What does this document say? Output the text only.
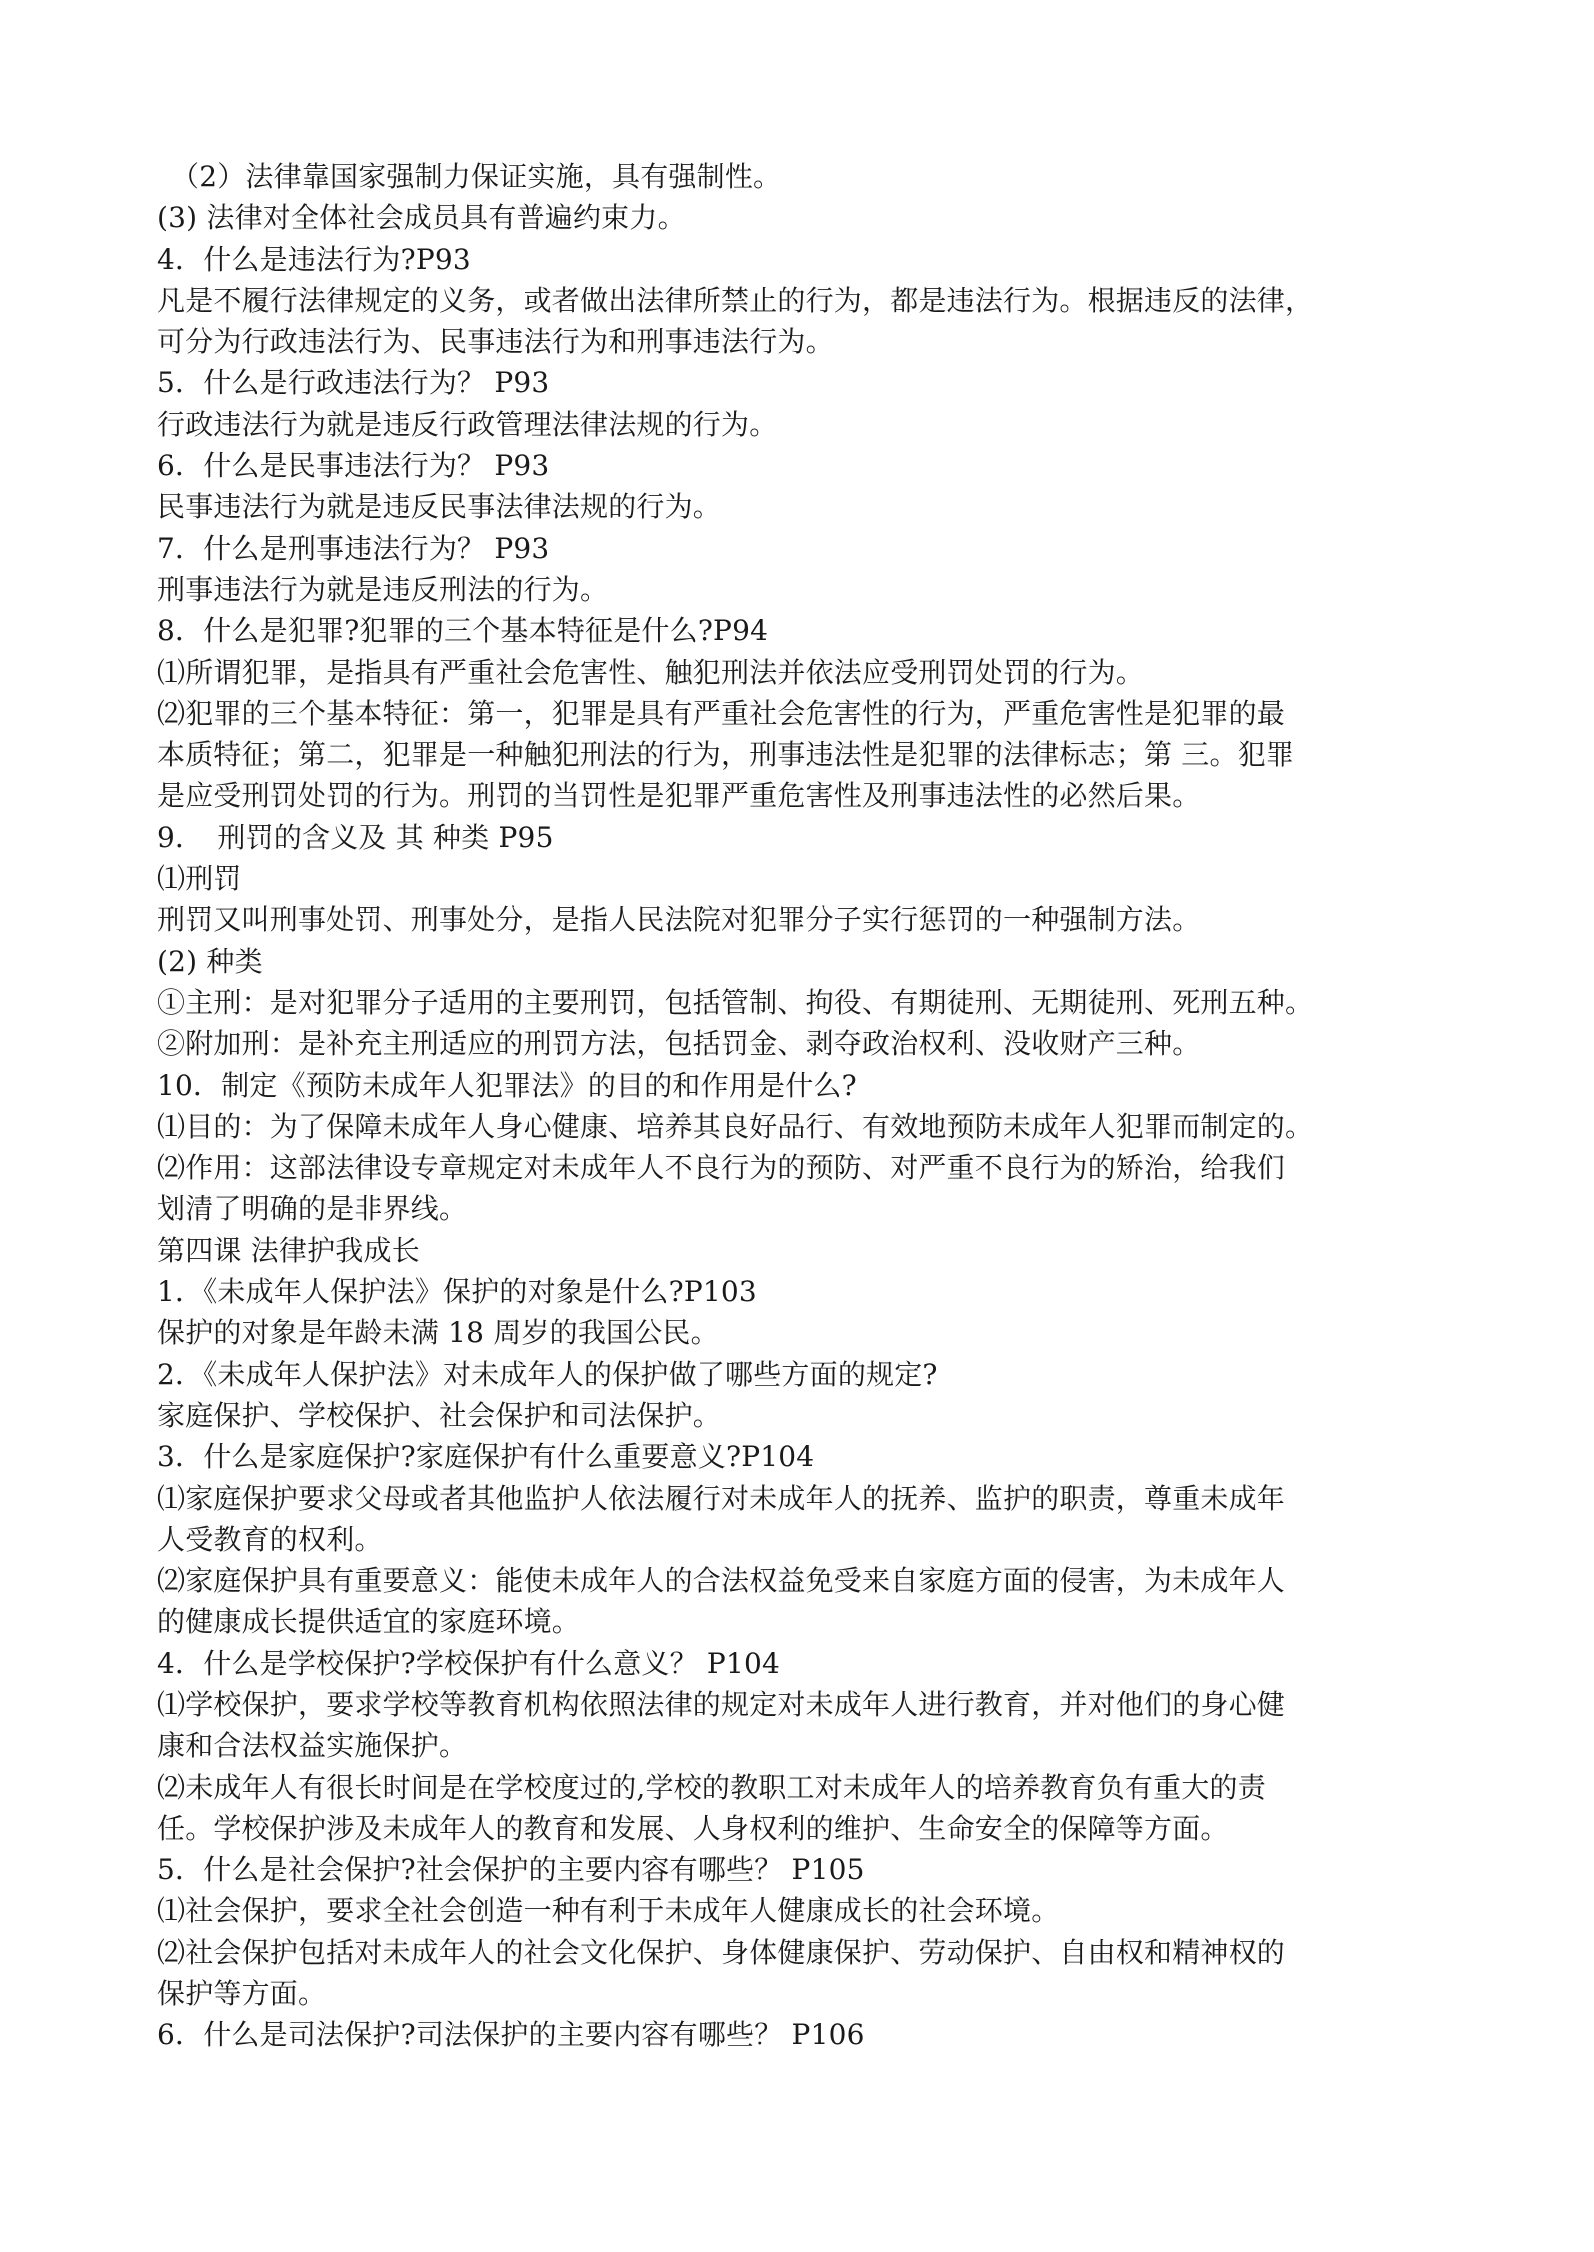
（2）法律靠国家强制力保证实施，具有强制性。
(3) 法律对全体社会成员具有普遍约束力。
4．什么是违法行为?P93
凡是不履行法律规定的义务，或者做出法律所禁止的行为，都是违法行为。根据违反的法律，
可分为行政违法行为、民事违法行为和刑事违法行为。
5．什么是行政违法行为？ P93
行政违法行为就是违反行政管理法律法规的行为。
6．什么是民事违法行为？ P93
民事违法行为就是违反民事法律法规的行为。
7．什么是刑事违法行为？ P93
刑事违法行为就是违反刑法的行为。
8．什么是犯罪?犯罪的三个基本特征是什么?P94
⑴所谓犯罪，是指具有严重社会危害性、触犯刑法并依法应受刑罚处罚的行为。
⑵犯罪的三个基本特征：第一，犯罪是具有严重社会危害性的行为，严重危害性是犯罪的最
本质特征；第二，犯罪是一种触犯刑法的行为，刑事违法性是犯罪的法律标志；第 三。犯罪
是应受刑罚处罚的行为。刑罚的当罚性是犯罪严重危害性及刑事违法性的必然后果。
9．　刑罚的含义及 其 种类 P95
⑴刑罚
刑罚又叫刑事处罚、刑事处分，是指人民法院对犯罪分子实行惩罚的一种强制方法。
(2) 种类
①主刑：是对犯罪分子适用的主要刑罚，包括管制、拘役、有期徒刑、无期徒刑、死刑五种。
②附加刑：是补充主刑适应的刑罚方法，包括罚金、剥夺政治权利、没收财产三种。
10．制定《预防未成年人犯罪法》的目的和作用是什么?
⑴目的：为了保障未成年人身心健康、培养其良好品行、有效地预防未成年人犯罪而制定的。
⑵作用：这部法律设专章规定对未成年人不良行为的预防、对严重不良行为的矫治，给我们
划清了明确的是非界线。
第四课 法律护我成长
1．《未成年人保护法》保护的对象是什么?P103
保护的对象是年龄未满 18 周岁的我国公民。
2．《未成年人保护法》对未成年人的保护做了哪些方面的规定?
家庭保护、学校保护、社会保护和司法保护。
3．什么是家庭保护?家庭保护有什么重要意义?P104
⑴家庭保护要求父母或者其他监护人依法履行对未成年人的抚养、监护的职责，尊重未成年
人受教育的权利。
⑵家庭保护具有重要意义：能使未成年人的合法权益免受来自家庭方面的侵害，为未成年人
的健康成长提供适宜的家庭环境。
4．什么是学校保护?学校保护有什么意义？ P104
⑴学校保护，要求学校等教育机构依照法律的规定对未成年人进行教育，并对他们的身心健
康和合法权益实施保护。
⑵未成年人有很长时间是在学校度过的,学校的教职工对未成年人的培养教育负有重大的责
任。学校保护涉及未成年人的教育和发展、人身权利的维护、生命安全的保障等方面。
5．什么是社会保护?社会保护的主要内容有哪些？ P105
⑴社会保护，要求全社会创造一种有利于未成年人健康成长的社会环境。
⑵社会保护包括对未成年人的社会文化保护、身体健康保护、劳动保护、自由权和精神权的
保护等方面。
6．什么是司法保护?司法保护的主要内容有哪些？ P106
